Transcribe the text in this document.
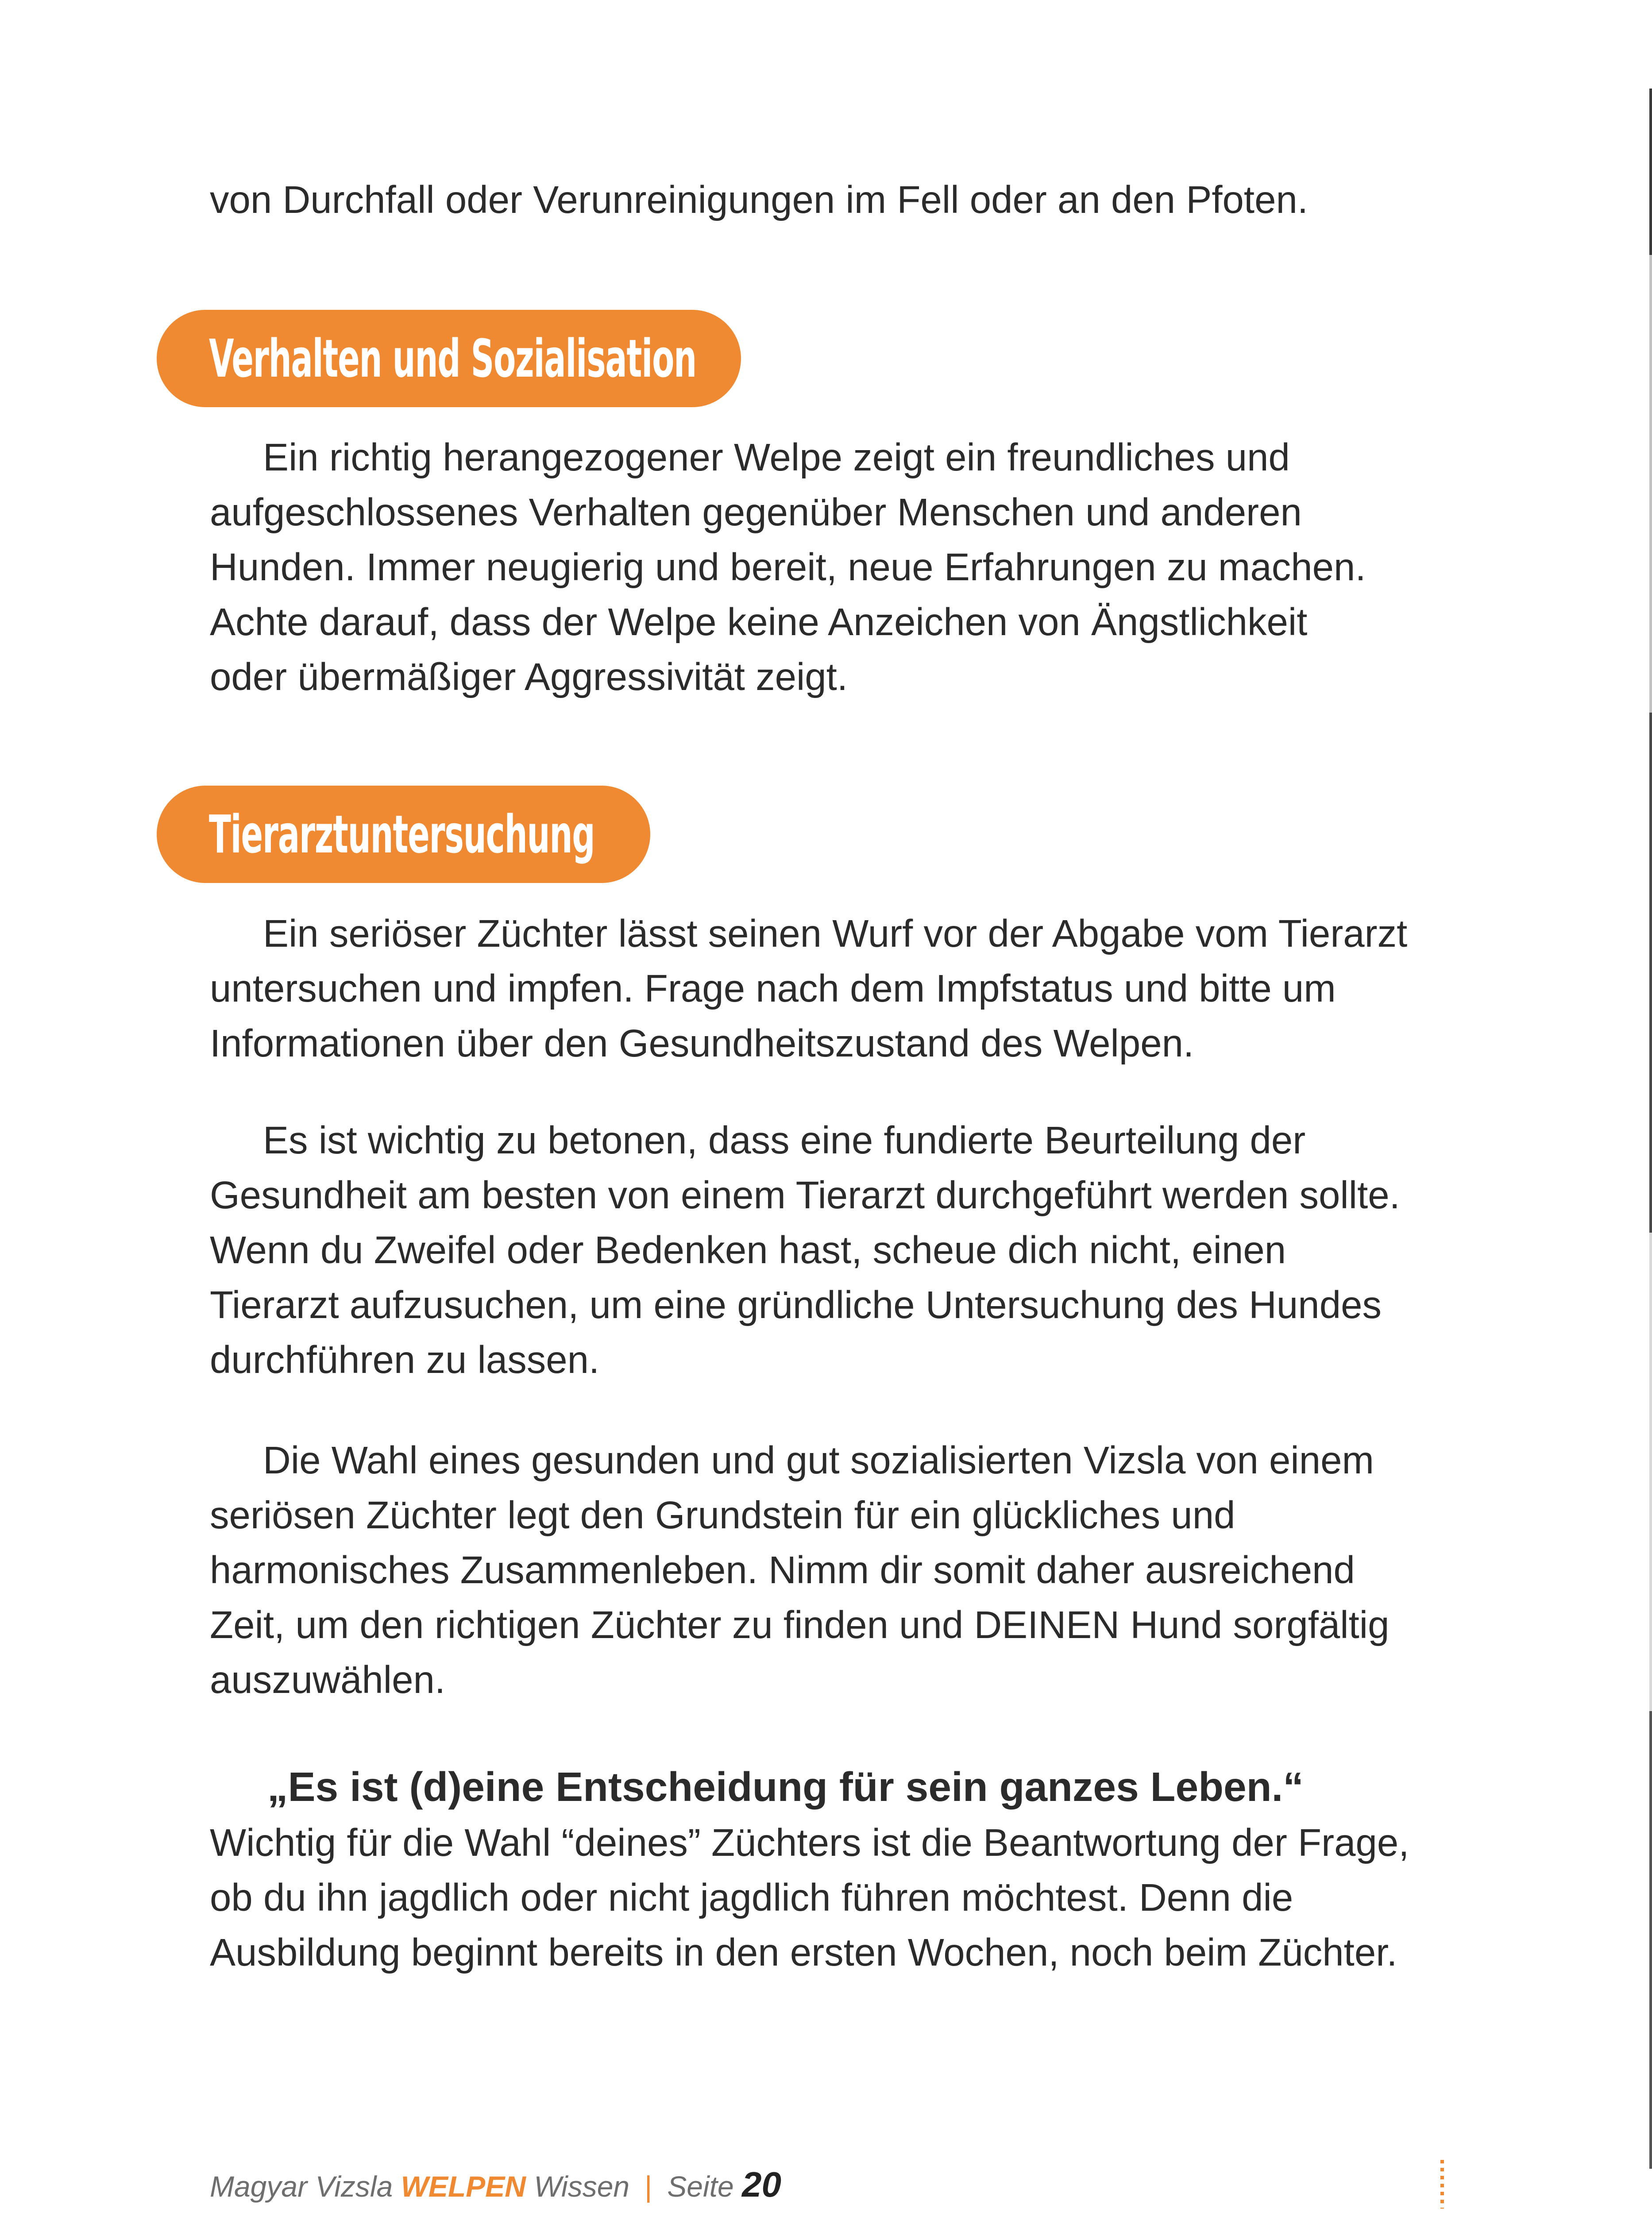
von Durchfall oder Verunreinigungen im Fell oder an den Pfoten.

Verhalten und Sozialisation

Ein richtig herangezogener Welpe zeigt ein freundliches und aufgeschlossenes Verhalten gegenüber Menschen und anderen Hunden. Immer neugierig und bereit, neue Erfahrungen zu machen. Achte darauf, dass der Welpe keine Anzeichen von Ängstlichkeit oder übermäßiger Aggressivität zeigt.

Tierarztuntersuchung

Ein seriöser Züchter lässt seinen Wurf vor der Abgabe vom Tierarzt untersuchen und impfen. Frage nach dem Impfstatus und bitte um Informationen über den Gesundheitszustand des Welpen.

Es ist wichtig zu betonen, dass eine fundierte Beurteilung der Gesundheit am besten von einem Tierarzt durchgeführt werden sollte. Wenn du Zweifel oder Bedenken hast, scheue dich nicht, einen Tierarzt aufzusuchen, um eine gründliche Untersuchung des Hundes durchführen zu lassen.

Die Wahl eines gesunden und gut sozialisierten Vizsla von einem seriösen Züchter legt den Grundstein für ein glückliches und harmonisches Zusammenleben. Nimm dir somit daher ausreichend Zeit, um den richtigen Züchter zu finden und DEINEN Hund sorgfältig auszuwählen.

„Es ist (d)eine Entscheidung für sein ganzes Leben.“
Wichtig für die Wahl “deines” Züchters ist die Beantwortung der Frage, ob du ihn jagdlich oder nicht jagdlich führen möchtest. Denn die Ausbildung beginnt bereits in den ersten Wochen, noch beim Züchter.

Magyar Vizsla
WELPEN
Wissen | Seite
20
